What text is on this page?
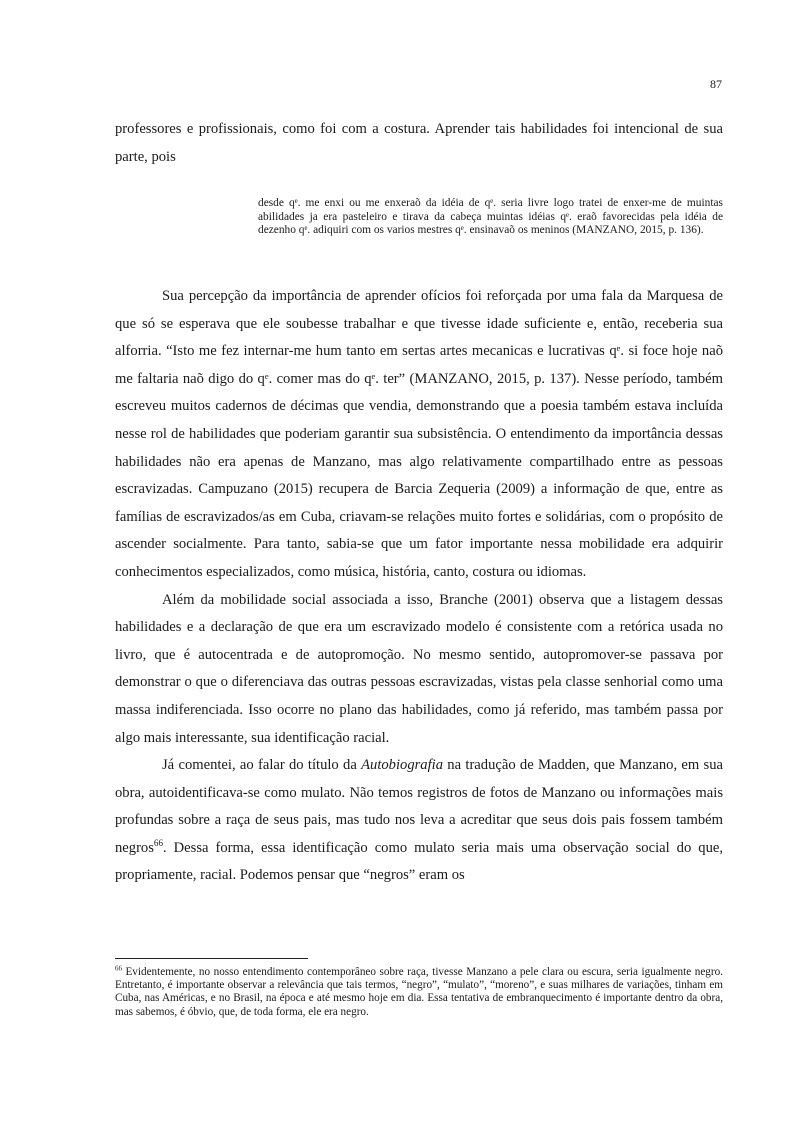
87

professores e profissionais, como foi com a costura. Aprender tais habilidades foi intencional de sua parte, pois

desde qᵉ. me enxi ou me enxeraõ da idéia de qᵉ. seria livre logo tratei de enxer-me de muintas abilidades ja era pasteleiro e tirava da cabeça muintas idéias qᵉ. eraõ favorecidas pela idéia de dezenho qᵉ. adiquiri com os varios mestres qᵉ. ensinavaõ os meninos (MANZANO, 2015, p. 136).

Sua percepção da importância de aprender ofícios foi reforçada por uma fala da Marquesa de que só se esperava que ele soubesse trabalhar e que tivesse idade suficiente e, então, receberia sua alforria. “Isto me fez internar-me hum tanto em sertas artes mecanicas e lucrativas qᵉ. si foce hoje naõ me faltaria naõ digo do qᵉ. comer mas do qᵉ. ter” (MANZANO, 2015, p. 137). Nesse período, também escreveu muitos cadernos de décimas que vendia, demonstrando que a poesia também estava incluída nesse rol de habilidades que poderiam garantir sua subsistência. O entendimento da importância dessas habilidades não era apenas de Manzano, mas algo relativamente compartilhado entre as pessoas escravizadas. Campuzano (2015) recupera de Barcia Zequeria (2009) a informação de que, entre as famílias de escravizados/as em Cuba, criavam-se relações muito fortes e solidárias, com o propósito de ascender socialmente. Para tanto, sabia-se que um fator importante nessa mobilidade era adquirir conhecimentos especializados, como música, história, canto, costura ou idiomas.

Além da mobilidade social associada a isso, Branche (2001) observa que a listagem dessas habilidades e a declaração de que era um escravizado modelo é consistente com a retórica usada no livro, que é autocentrada e de autopromoção. No mesmo sentido, autopromover-se passava por demonstrar o que o diferenciava das outras pessoas escravizadas, vistas pela classe senhorial como uma massa indiferenciada. Isso ocorre no plano das habilidades, como já referido, mas também passa por algo mais interessante, sua identificação racial.

Já comentei, ao falar do título da Autobiografia na tradução de Madden, que Manzano, em sua obra, autoidentificava-se como mulato. Não temos registros de fotos de Manzano ou informações mais profundas sobre a raça de seus pais, mas tudo nos leva a acreditar que seus dois pais fossem também negros$^{66}$. Dessa forma, essa identificação como mulato seria mais uma observação social do que, propriamente, racial. Podemos pensar que “negros” eram os

$^{66}$ Evidentemente, no nosso entendimento contemporâneo sobre raça, tivesse Manzano a pele clara ou escura, seria igualmente negro. Entretanto, é importante observar a relevância que tais termos, “negro”, “mulato”, “moreno”, e suas milhares de variações, tinham em Cuba, nas Américas, e no Brasil, na época e até mesmo hoje em dia. Essa tentativa de embranquecimento é importante dentro da obra, mas sabemos, é óbvio, que, de toda forma, ele era negro.
